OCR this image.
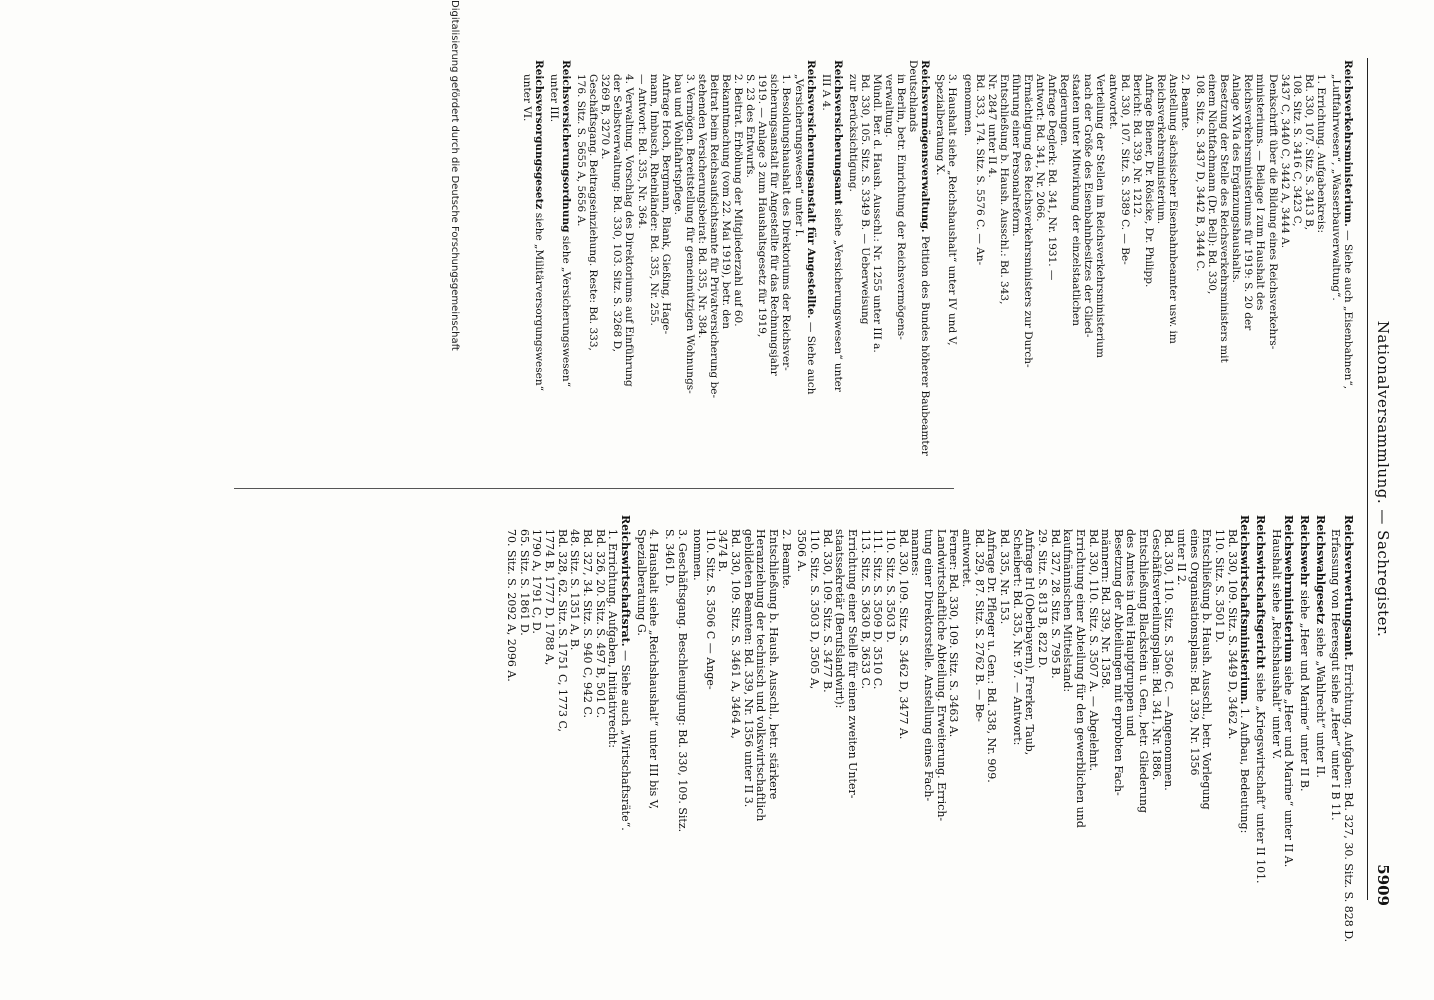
Nationalversammlung. — Sachregister.
5909
Reichsverkehrsministerium. — Siehe auch „Eisenbahnen“,

„Luftfahrwesen“, „Wasserbauverwaltung“.
1. Errichtung. Aufgabenkreis:
Bd. 330, 107. Sitz. S. 3413 B,
108. Sitz. S. 3416 C, 3423 C,
3437 C, 3440 C, 3442 A, 3444 A.
Denkschrift über die Bildung eines Reichsverkehrs-
ministeriums. — Beilage I zum Haushalt des
Reichsverkehrsministeriums für 1919: S. 20 der
Anlage XVIa des Ergänzungshaushalts.
Besetzung der Stelle des Reichsverkehrsministers mit
einem Nichtfachmann (Dr. Bell): Bd. 330,
108. Sitz. S. 3437 D, 3442 B, 3444 C.
2. Beamte.
Anstellung sächsischer Eisenbahnbeamter usw. im
Reichsverkehrsministerium.
Anfrage Biener, Dr. Rösicke, Dr. Philipp.
Bericht: Bd. 339, Nr. 1212.
Bd. 330, 107. Sitz. S. 3389 C. — Be-
antwortet.
Verteilung der Stellen im Reichsverkehrsministerium
nach der Größe des Eisenbahnbesitzes der Glied-
staaten unter Mitwirkung der einzelstaatlichen
Regierungen.
Anfrage Deglerk: Bd. 341, Nr. 1931. —
Antwort: Bd. 341, Nr. 2066.
Ermächtigung des Reichsverkehrsministers zur Durch-
führung einer Personalreform.
Entschließung b. Haush. Ausschl.: Bd. 343,
Nr. 2847 unter II 4.
Bd. 333, 174. Sitz. S. 5576 C. — An-
genommen.
3. Haushalt siehe „Reichshaushalt“ unter IV und V,
Spezialberatung X.
Reichsvermögensverwaltung. Petition des Bundes höherer Baubeamter Deutschlands

in Berlin, betr. Einrichtung der Reichsvermögens-
verwaltung.
Mündl. Ber. d. Haush. Ausschl.: Nr. 1255 unter III a.
Bd. 330, 105. Sitz. S. 3349 B. — Ueberweisung
zur Berücksichtigung.
Reichsversicherungsamt siehe „Versicherungswesen“ unter

III A 4.
Reichsversicherungsanstalt für Angestellte. — Siehe auch

„Versicherungswesen“ unter I.
1. Besoldungshaushalt des Direktoriums der Reichsver-
sicherungsanstalt für Angestellte für das Rechnungsjahr
1919. — Anlage 3 zum Haushaltsgesetz für 1919,
S. 23 des Entwurfs.
2. Beitrat. Erhöhung der Mitgliederzahl auf 60.
Bekanntmachung (vom 22. Mai 1919), betr. den
Beitrat beim Reichsaufsichtsamte für Privatversicherung be-
stehenden Versicherungsbeirat: Bd. 335, Nr. 384.
3. Vermögen. Bereitstellung für gemeinnützigen Wohnungs-
bau und Wohlfahrtspflege.
Anfrage Hoch, Bergmann, Blank, Gießing, Hage-
mann, Imbusch, Rheinländer: Bd. 335, Nr. 255.
— Antwort: Bd. 335, Nr. 364.
4. Verwaltung. Vorschlag des Direktoriums auf Einführung
der Selbstverwaltung: Bd. 330, 103. Sitz. S. 3268 D,
3269 B, 3270 A.
Geschäftsgang. Beitragseinziehung. Reste: Bd. 333,
176. Sitz. S. 5655 A, 5656 A.
Reichsversicherungsordnung siehe „Versicherungswesen“

unter III.
Reichsversorgungsgesetz siehe „Militärversorgungswesen“

unter VI.
Reichsverwertungsamt. Errichtung. Aufgaben: Bd. 327, 30. Sitz. S. 828 D.

Erfassung von Heeresgut siehe „Heer“ unter I B 11.
Reichswahlgesetz siehe „Wahlrecht“ unter II.

Reichswehr siehe „Heer und Marine“ unter II B.

Reichswehrministerium siehe „Heer und Marine“ unter II A.

Haushalt siehe „Reichshaushalt“ unter V.
Reichswirtschaftsgericht siehe „Kriegswirtschaft“ unter II 101.

Reichswirtschaftsministerium. 1. Aufbau, Bedeutung:

Bd. 330, 109. Sitz. S. 3449 D, 3462 A.
110. Sitz. S. 3501 D.
Entschließung b. Haush. Ausschl., betr. Vorlegung
eines Organisationsplans: Bd. 339, Nr. 1356
unter II 2.
Bd. 330, 110. Sitz. S. 3506 C. — Angenommen.
Geschäftsverteilungsplan: Bd. 341, Nr. 1886.
Entschließung Blackstein u. Gen., betr. Gliederung
des Amtes in drei Hauptgruppen und
Besetzung der Abteilungen mit erprobten Fach-
männern: Bd. 339, Nr. 1358.
Bd. 330, 110. Sitz. S. 3507 A. — Abgelehnt.
Errichtung einer Abteilung für den gewerblichen und
kaufmännischen Mittelstand:
Bd. 327, 28. Sitz. S. 795 B.
29. Sitz. S. 813 B, 822 D.
Anfrage Irl (Oberbayern), Frerker, Taub,
Scheibert: Bd. 335, Nr. 97. — Antwort:
Bd. 335, Nr. 153.
Anfrage Dr. Pfleger u. Gen.: Bd. 338, Nr. 909.
Bd. 329, 87. Sitz. S. 2762 B. — Be-
antwortet.
Ferner: Bd. 330, 109. Sitz. S. 3463 A.
Landwirtschaftliche Abteilung. Erweiterung. Errich-
tung einer Direktorstelle. Anstellung eines Fach-
mannes:
Bd. 330, 109. Sitz. S. 3462 D, 3477 A.
110. Sitz. S. 3503 D.
111. Sitz. S. 3509 D, 3510 C.
113. Sitz. S. 3630 B, 3633 C.
Errichtung einer Stelle für einen zweiten Unter-
staatssekretär (Berufslandwirt):
Bd. 330, 109. Sitz. S. 3477 B.
110. Sitz. S. 3503 D, 3505 A,
3506 A.
2. Beamte.
Entschließung b. Haush. Ausschl., betr. stärkere
Heranziehung der technisch und volkswirtschaftlich
gebildeten Beamten: Bd. 339, Nr. 1356 unter II 3.
Bd. 330, 109. Sitz. S. 3461 A, 3464 A,
3474 B.
110. Sitz. S. 3506 C — Ange-
nommen.
3. Geschäftsgang. Beschleunigung: Bd. 330, 109. Sitz.
S. 3461 D.
4. Haushalt siehe „Reichshaushalt“ unter III bis V,
Spezialberatung G.
Reichswirtschaftsrat. — Siehe auch „Wirtschaftsräte“.

1. Errichtung. Aufgaben, Initiativrecht:
Bd. 326, 20. Sitz. S. 497 B, 501 C.
Bd. 327, 34. Sitz. S. 940 C, 942 C.
48. Sitz. S. 1351 A, B.
Bd. 328, 62. Sitz. S. 1751 C, 1773 C,
1774 B, 1777 D, 1788 A,
1790 A, 1791 C, D.
65. Sitz. S. 1861 D.
70. Sitz. S. 2092 A, 2096 A.
Digitalisierung gefördert durch die Deutsche Forschungsgemeinschaft
